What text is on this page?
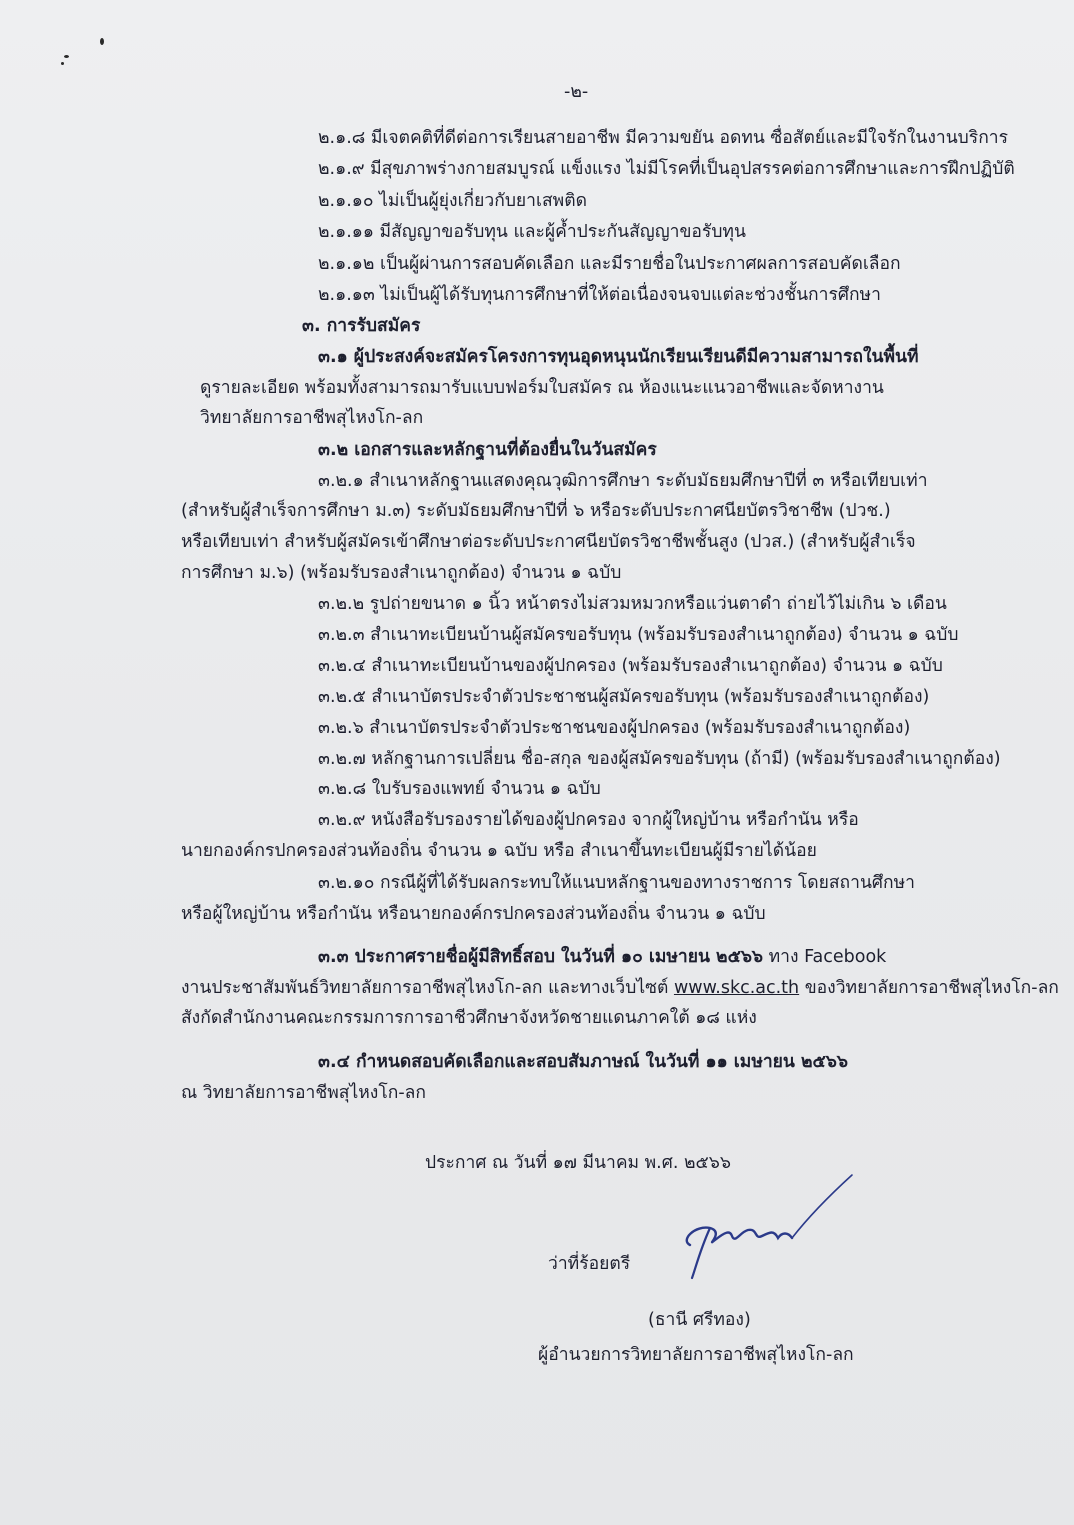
-๒-
๒.๑.๘ มีเจตคติที่ดีต่อการเรียนสายอาชีพ มีความขยัน อดทน ซื่อสัตย์และมีใจรักในงานบริการ
๒.๑.๙ มีสุขภาพร่างกายสมบูรณ์ แข็งแรง ไม่มีโรคที่เป็นอุปสรรคต่อการศึกษาและการฝึกปฏิบัติ
๒.๑.๑๐ ไม่เป็นผู้ยุ่งเกี่ยวกับยาเสพติด
๒.๑.๑๑ มีสัญญาขอรับทุน และผู้ค้ำประกันสัญญาขอรับทุน
๒.๑.๑๒ เป็นผู้ผ่านการสอบคัดเลือก และมีรายชื่อในประกาศผลการสอบคัดเลือก
๒.๑.๑๓ ไม่เป็นผู้ได้รับทุนการศึกษาที่ให้ต่อเนื่องจนจบแต่ละช่วงชั้นการศึกษา
๓. การรับสมัคร
๓.๑ ผู้ประสงค์จะสมัครโครงการทุนอุดหนุนนักเรียนเรียนดีมีความสามารถในพื้นที่
ดูรายละเอียด พร้อมทั้งสามารถมารับแบบฟอร์มใบสมัคร ณ ห้องแนะแนวอาชีพและจัดหางาน
วิทยาลัยการอาชีพสุไหงโก-ลก
๓.๒ เอกสารและหลักฐานที่ต้องยื่นในวันสมัคร
๓.๒.๑ สำเนาหลักฐานแสดงคุณวุฒิการศึกษา ระดับมัธยมศึกษาปีที่ ๓ หรือเทียบเท่า
(สำหรับผู้สำเร็จการศึกษา ม.๓) ระดับมัธยมศึกษาปีที่ ๖ หรือระดับประกาศนียบัตรวิชาชีพ (ปวช.)
หรือเทียบเท่า สำหรับผู้สมัครเข้าศึกษาต่อระดับประกาศนียบัตรวิชาชีพชั้นสูง (ปวส.) (สำหรับผู้สำเร็จ
การศึกษา ม.๖) (พร้อมรับรองสำเนาถูกต้อง) จำนวน ๑ ฉบับ
๓.๒.๒ รูปถ่ายขนาด ๑ นิ้ว หน้าตรงไม่สวมหมวกหรือแว่นตาดำ ถ่ายไว้ไม่เกิน ๖ เดือน
๓.๒.๓ สำเนาทะเบียนบ้านผู้สมัครขอรับทุน (พร้อมรับรองสำเนาถูกต้อง) จำนวน ๑ ฉบับ
๓.๒.๔ สำเนาทะเบียนบ้านของผู้ปกครอง (พร้อมรับรองสำเนาถูกต้อง) จำนวน ๑ ฉบับ
๓.๒.๕ สำเนาบัตรประจำตัวประชาชนผู้สมัครขอรับทุน (พร้อมรับรองสำเนาถูกต้อง)
๓.๒.๖ สำเนาบัตรประจำตัวประชาชนของผู้ปกครอง (พร้อมรับรองสำเนาถูกต้อง)
๓.๒.๗ หลักฐานการเปลี่ยน ชื่อ-สกุล ของผู้สมัครขอรับทุน (ถ้ามี) (พร้อมรับรองสำเนาถูกต้อง)
๓.๒.๘ ใบรับรองแพทย์ จำนวน ๑ ฉบับ
๓.๒.๙ หนังสือรับรองรายได้ของผู้ปกครอง จากผู้ใหญ่บ้าน หรือกำนัน หรือ
นายกองค์กรปกครองส่วนท้องถิ่น จำนวน ๑ ฉบับ หรือ สำเนาขึ้นทะเบียนผู้มีรายได้น้อย
๓.๒.๑๐ กรณีผู้ที่ได้รับผลกระทบให้แนบหลักฐานของทางราชการ โดยสถานศึกษา
หรือผู้ใหญ่บ้าน หรือกำนัน หรือนายกองค์กรปกครองส่วนท้องถิ่น จำนวน ๑ ฉบับ
๓.๓ ประกาศรายชื่อผู้มีสิทธิ์สอบ ในวันที่ ๑๐ เมษายน ๒๕๖๖ ทาง Facebook
งานประชาสัมพันธ์วิทยาลัยการอาชีพสุไหงโก-ลก และทางเว็บไซต์ www.skc.ac.th ของวิทยาลัยการอาชีพสุไหงโก-ลก
สังกัดสำนักงานคณะกรรมการการอาชีวศึกษาจังหวัดชายแดนภาคใต้ ๑๘ แห่ง
๓.๔ กำหนดสอบคัดเลือกและสอบสัมภาษณ์ ในวันที่ ๑๑ เมษายน ๒๕๖๖
ณ วิทยาลัยการอาชีพสุไหงโก-ลก
ประกาศ ณ วันที่ ๑๗ มีนาคม พ.ศ. ๒๕๖๖
ว่าที่ร้อยตรี
(ธานี ศรีทอง)
ผู้อำนวยการวิทยาลัยการอาชีพสุไหงโก-ลก
